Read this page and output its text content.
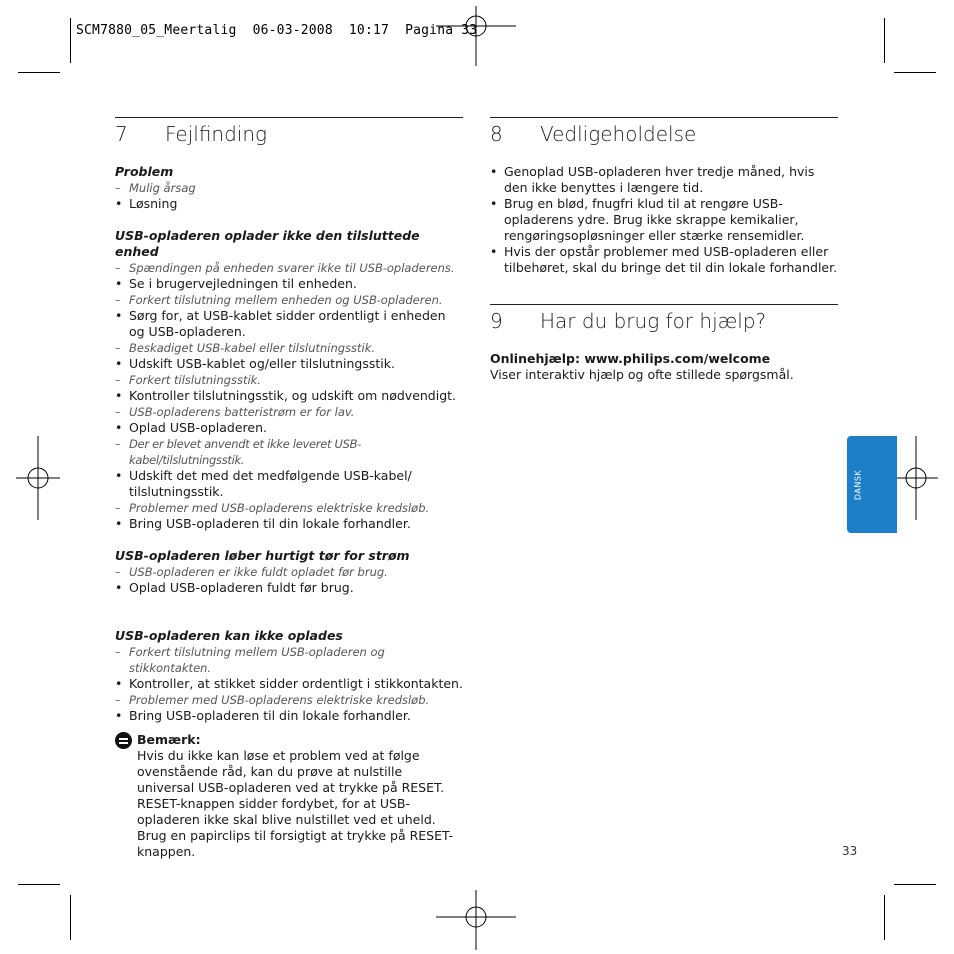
SCM7880_05_Meertalig  06-03-2008  10:17  Pagina 33
7	Fejlfinding
Problem
– Mulig årsag
• Løsning
USB-opladeren oplader ikke den tilsluttede enhed
– Spændingen på enheden svarer ikke til USB-opladerens.
• Se i brugervejledningen til enheden.
– Forkert tilslutning mellem enheden og USB-opladeren.
• Sørg for, at USB-kablet sidder ordentligt i enheden og USB-opladeren.
– Beskadiget USB-kabel eller tilslutningsstik.
• Udskift USB-kablet og/eller tilslutningsstik.
– Forkert tilslutningsstik.
• Kontroller tilslutningsstik, og udskift om nødvendigt.
– USB-opladerens batteristrøm er for lav.
• Oplad USB-opladeren.
– Der er blevet anvendt et ikke leveret USB-kabel/tilslutningsstik.
• Udskift det med det medfølgende USB-kabel/ tilslutningsstik.
– Problemer med USB-opladerens elektriske kredsløb.
• Bring USB-opladeren til din lokale forhandler.
USB-opladeren løber hurtigt tør for strøm
– USB-opladeren er ikke fuldt opladet før brug.
• Oplad USB-opladeren fuldt før brug.
USB-opladeren kan ikke oplades
– Forkert tilslutning mellem USB-opladeren og stikkontakten.
• Kontroller, at stikket sidder ordentligt i stikkontakten.
– Problemer med USB-opladerens elektriske kredsløb.
• Bring USB-opladeren til din lokale forhandler.
Bemærk:
Hvis du ikke kan løse et problem ved at følge ovenstående råd, kan du prøve at nulstille universal USB-opladeren ved at trykke på RESET. RESET-knappen sidder fordybet, for at USB-opladeren ikke skal blive nulstillet ved et uheld. Brug en papirclips til forsigtigt at trykke på RESET-knappen.
8	Vedligeholdelse
• Genoplad USB-opladeren hver tredje måned, hvis den ikke benyttes i længere tid.
• Brug en blød, fnugfri klud til at rengøre USB-opladerens ydre. Brug ikke skrappe kemikalier, rengøringsopløsninger eller stærke rensemidler.
• Hvis der opstår problemer med USB-opladeren eller tilbehøret, skal du bringe det til din lokale forhandler.
9	Har du brug for hjælp?
Onlinehjælp: www.philips.com/welcome
Viser interaktiv hjælp og ofte stillede spørgsmål.
DANSK
33
